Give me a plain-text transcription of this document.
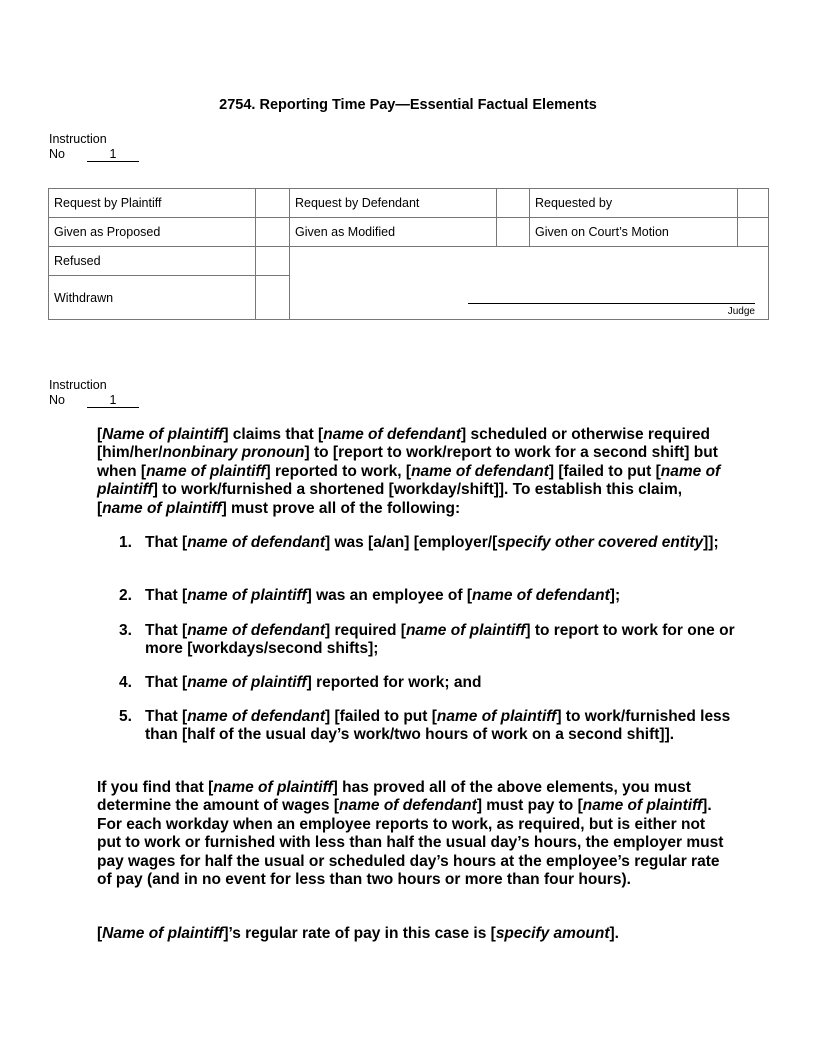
2754. Reporting Time Pay—Essential Factual Elements
Instruction
No	1
Request by Plaintiff		Request by Defendant		Requested by	
Given as Proposed		Given as Modified		Given on Court’s Motion	
Refused		Judge			

Withdrawn					
Instruction
No	1
[Name of plaintiff] claims that [name of defendant] scheduled or otherwise required [him/her/nonbinary pronoun] to [report to work/report to work for a second shift] but when [name of plaintiff] reported to work, [name of defendant] [failed to put [name of plaintiff] to work/furnished a shortened [workday/shift]]. To establish this claim, [name of plaintiff] must prove all of the following:
1. That [name of defendant] was [a/an] [employer/[specify other covered entity]];
2. That [name of plaintiff] was an employee of [name of defendant];
3. That [name of defendant] required [name of plaintiff] to report to work for one or more [workdays/second shifts];
4. That [name of plaintiff] reported for work; and
5. That [name of defendant] [failed to put [name of plaintiff] to work/furnished less than [half of the usual day’s work/two hours of work on a second shift]].
If you find that [name of plaintiff] has proved all of the above elements, you must determine the amount of wages [name of defendant] must pay to [name of plaintiff]. For each workday when an employee reports to work, as required, but is either not put to work or furnished with less than half the usual day’s hours, the employer must pay wages for half the usual or scheduled day’s hours at the employee’s regular rate of pay (and in no event for less than two hours or more than four hours).
[Name of plaintiff]’s regular rate of pay in this case is [specify amount].
